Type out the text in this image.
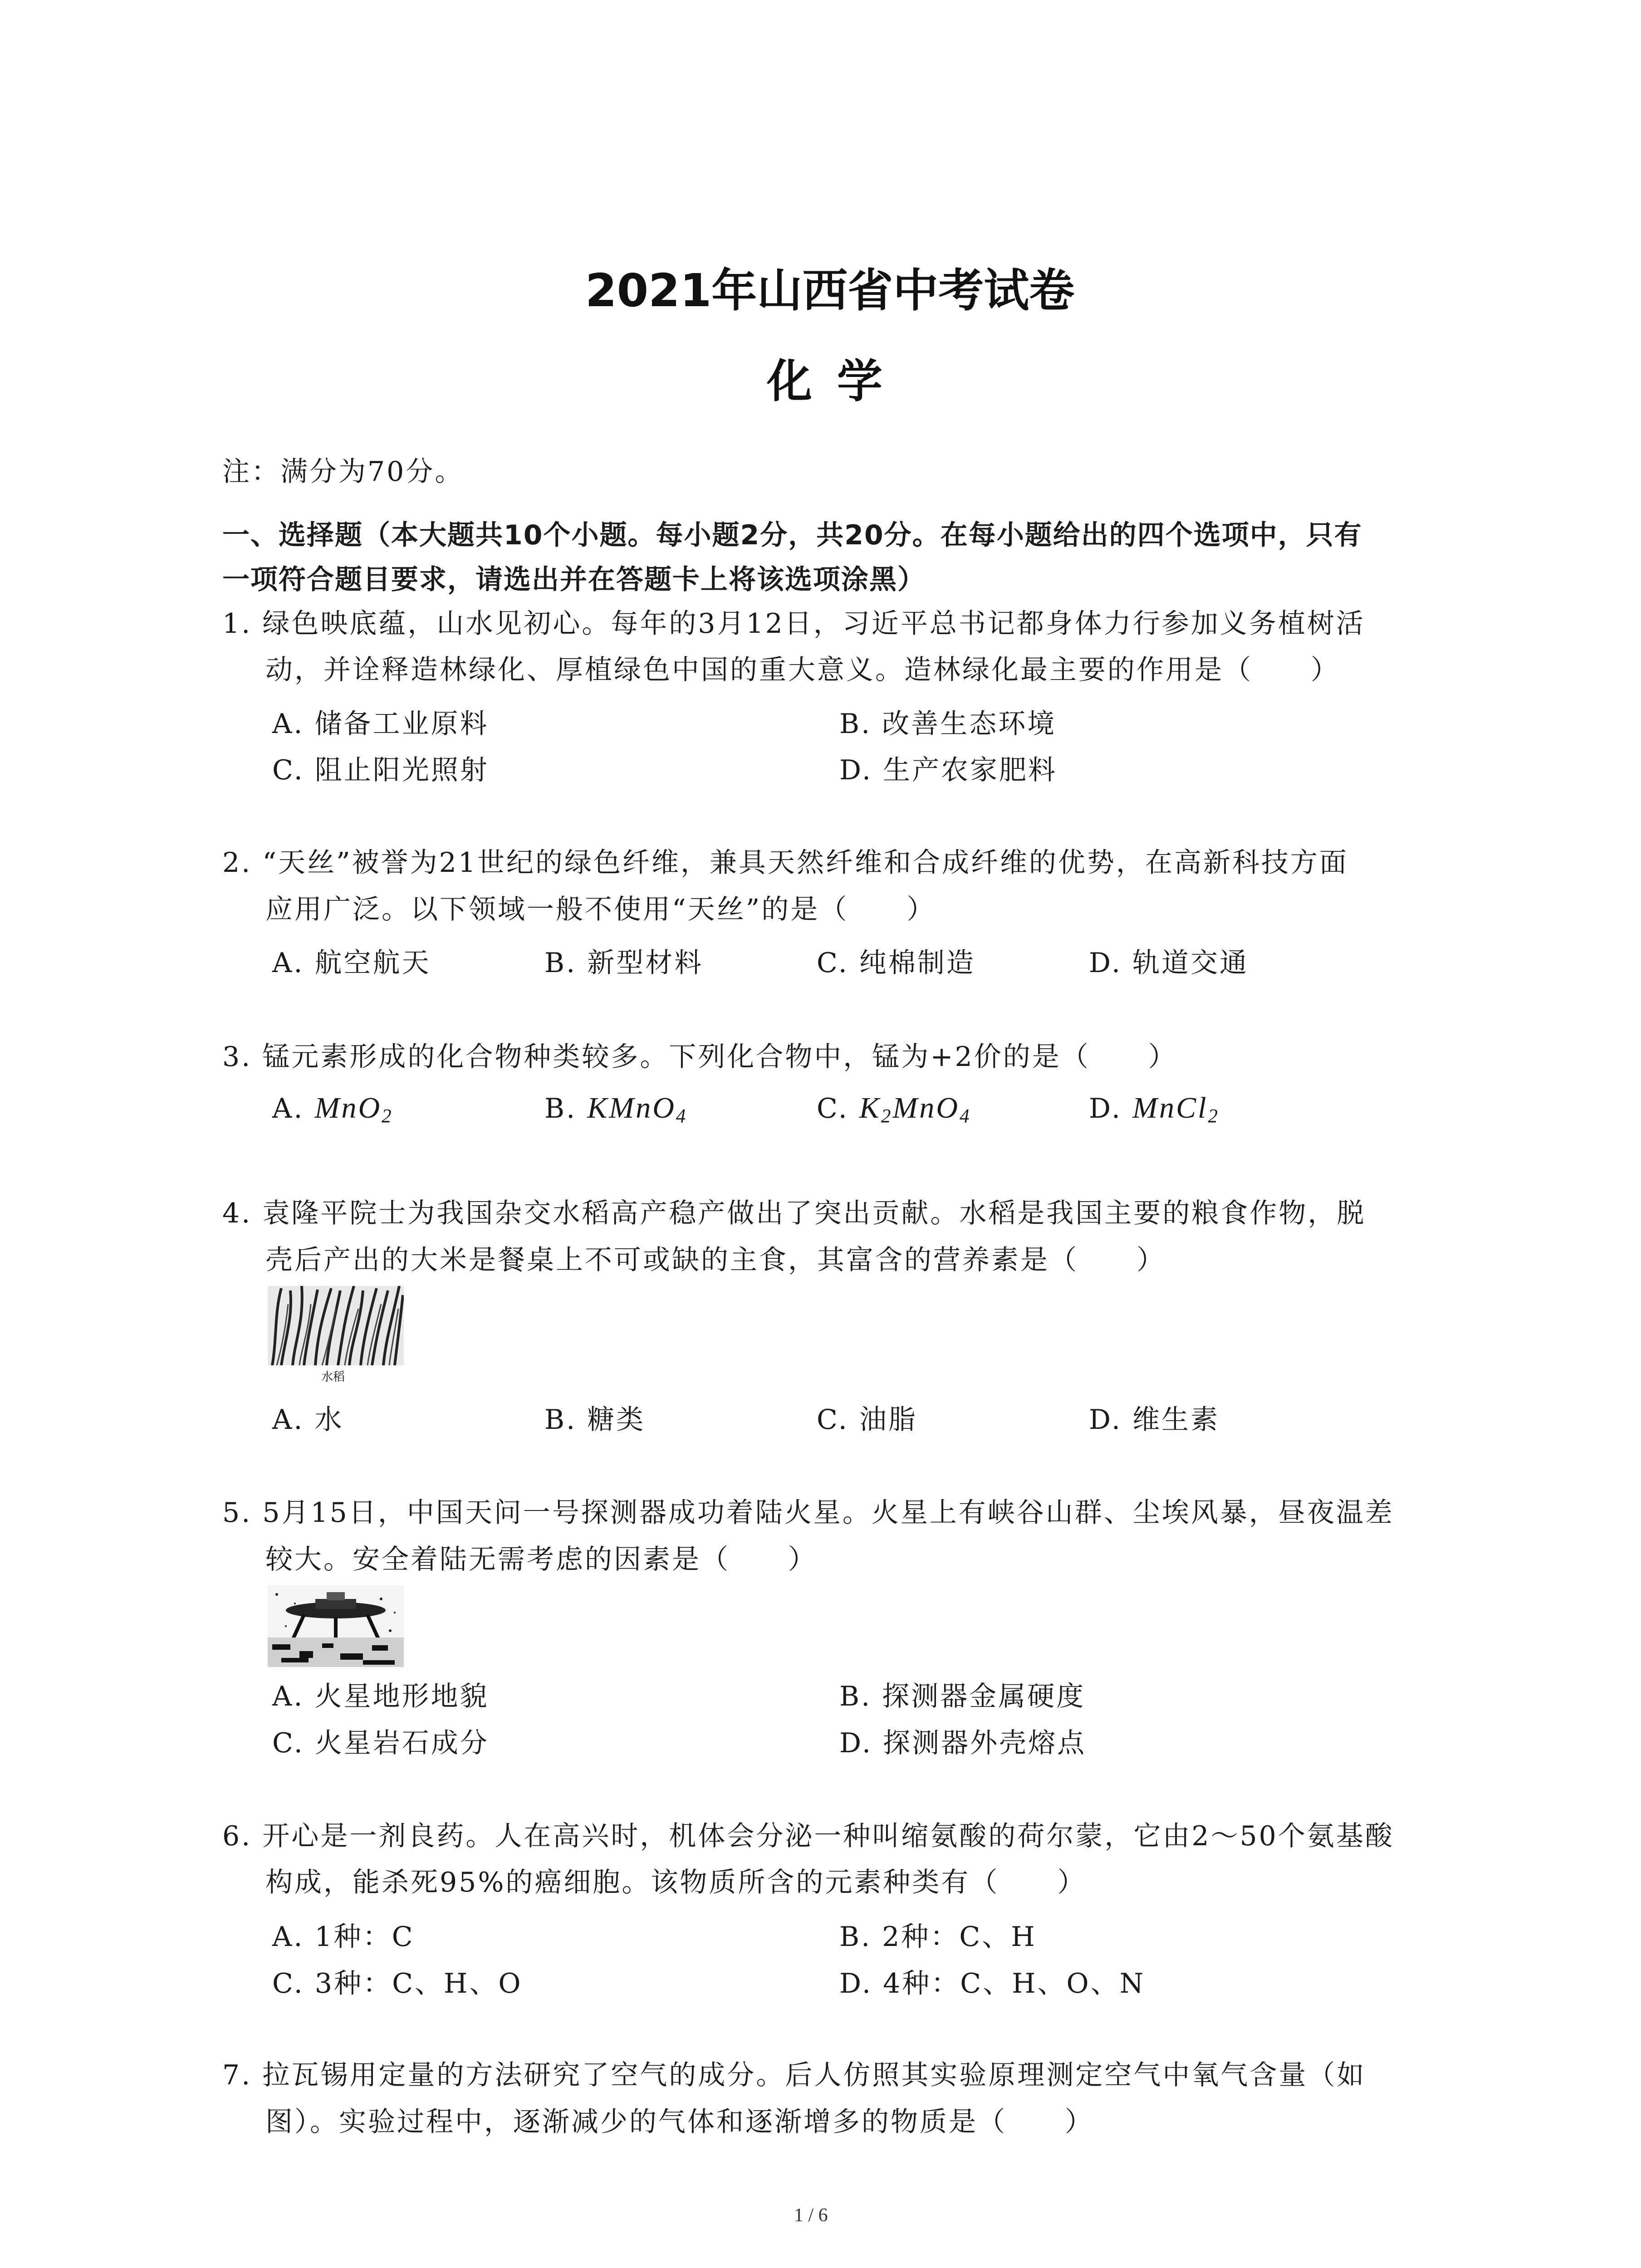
2021年山西省中考试卷
化 学
注：满分为70分。
一、选择题（本大题共10个小题。每小题2分，共20分。在每小题给出的四个选项中，只有
一项符合题目要求，请选出并在答题卡上将该选项涂黑）
1. 绿色映底蕴，山水见初心。每年的3月12日，习近平总书记都身体力行参加义务植树活
动，并诠释造林绿化、厚植绿色中国的重大意义。造林绿化最主要的作用是（　　）
A. 储备工业原料	B. 改善生态环境
C. 阻止阳光照射	D. 生产农家肥料
2. “天丝”被誉为21世纪的绿色纤维，兼具天然纤维和合成纤维的优势，在高新科技方面
应用广泛。以下领域一般不使用“天丝”的是（　　）
A. 航空航天	B. 新型材料	C. 纯棉制造	D. 轨道交通
3. 锰元素形成的化合物种类较多。下列化合物中，锰为+2价的是（　　）
A. MnO$_2$	B. KMnO$_4$	C. $K_2MnO_4$	D. MnCl$_2$
4. 袁隆平院士为我国杂交水稻高产稳产做出了突出贡献。水稻是我国主要的粮食作物，脱
壳后产出的大米是餐桌上不可或缺的主食，其富含的营养素是（　　）
水稻
A. 水	B. 糖类	C. 油脂	D. 维生素
5. 5月15日，中国天问一号探测器成功着陆火星。火星上有峡谷山群、尘埃风暴，昼夜温差
较大。安全着陆无需考虑的因素是（　　）
A. 火星地形地貌	B. 探测器金属硬度
C. 火星岩石成分	D. 探测器外壳熔点
6. 开心是一剂良药。人在高兴时，机体会分泌一种叫缩氨酸的荷尔蒙，它由2～50个氨基酸
构成，能杀死95%的癌细胞。该物质所含的元素种类有（　　）
A. 1种：C	B. 2种：C、H
C. 3种：C、H、O	D. 4种：C、H、O、N
7. 拉瓦锡用定量的方法研究了空气的成分。后人仿照其实验原理测定空气中氧气含量（如
图）。实验过程中，逐渐减少的气体和逐渐增多的物质是（　　）
1 / 6
